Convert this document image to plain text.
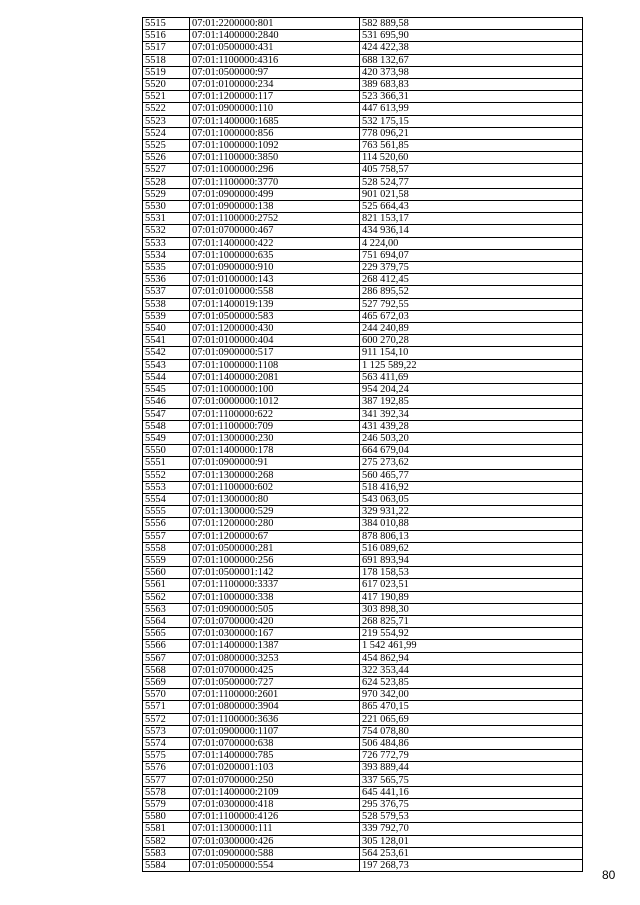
5515	07:01:2200000:801	582 889,58
5516	07:01:1400000:2840	531 695,90
5517	07:01:0500000:431	424 422,38
5518	07:01:1100000:4316	688 132,67
5519	07:01:0500000:97	420 373,98
5520	07:01:0100000:234	389 683,83
5521	07:01:1200000:117	523 366,31
5522	07:01:0900000:110	447 613,99
5523	07:01:1400000:1685	532 175,15
5524	07:01:1000000:856	778 096,21
5525	07:01:1000000:1092	763 561,85
5526	07:01:1100000:3850	114 520,60
5527	07:01:1000000:296	405 758,57
5528	07:01:1100000:3770	528 524,77
5529	07:01:0900000:499	901 021,58
5530	07:01:0900000:138	525 664,43
5531	07:01:1100000:2752	821 153,17
5532	07:01:0700000:467	434 936,14
5533	07:01:1400000:422	4 224,00
5534	07:01:1000000:635	751 694,07
5535	07:01:0900000:910	229 379,75
5536	07:01:0100000:143	268 412,45
5537	07:01:0100000:558	286 895,52
5538	07:01:1400019:139	527 792,55
5539	07:01:0500000:583	465 672,03
5540	07:01:1200000:430	244 240,89
5541	07:01:0100000:404	600 270,28
5542	07:01:0900000:517	911 154,10
5543	07:01:1000000:1108	1 125 589,22
5544	07:01:1400000:2081	563 411,69
5545	07:01:1000000:100	954 204,24
5546	07:01:0000000:1012	387 192,85
5547	07:01:1100000:622	341 392,34
5548	07:01:1100000:709	431 439,28
5549	07:01:1300000:230	246 503,20
5550	07:01:1400000:178	664 679,04
5551	07:01:0900000:91	275 273,62
5552	07:01:1300000:268	560 465,77
5553	07:01:1100000:602	518 416,92
5554	07:01:1300000:80	543 063,05
5555	07:01:1300000:529	329 931,22
5556	07:01:1200000:280	384 010,88
5557	07:01:1200000:67	878 806,13
5558	07:01:0500000:281	516 089,62
5559	07:01:1000000:256	691 893,94
5560	07:01:0500001:142	178 158,53
5561	07:01:1100000:3337	617 023,51
5562	07:01:1000000:338	417 190,89
5563	07:01:0900000:505	303 898,30
5564	07:01:0700000:420	268 825,71
5565	07:01:0300000:167	219 554,92
5566	07:01:1400000:1387	1 542 461,99
5567	07:01:0800000:3253	454 862,94
5568	07:01:0700000:425	322 353,44
5569	07:01:0500000:727	624 523,85
5570	07:01:1100000:2601	970 342,00
5571	07:01:0800000:3904	865 470,15
5572	07:01:1100000:3636	221 065,69
5573	07:01:0900000:1107	754 078,80
5574	07:01:0700000:638	506 484,86
5575	07:01:1400000:785	726 772,79
5576	07:01:0200001:103	393 889,44
5577	07:01:0700000:250	337 565,75
5578	07:01:1400000:2109	645 441,16
5579	07:01:0300000:418	295 376,75
5580	07:01:1100000:4126	528 579,53
5581	07:01:1300000:111	339 792,70
5582	07:01:0300000:426	305 128,01
5583	07:01:0900000:588	564 253,61
5584	07:01:0500000:554	197 268,73
80
